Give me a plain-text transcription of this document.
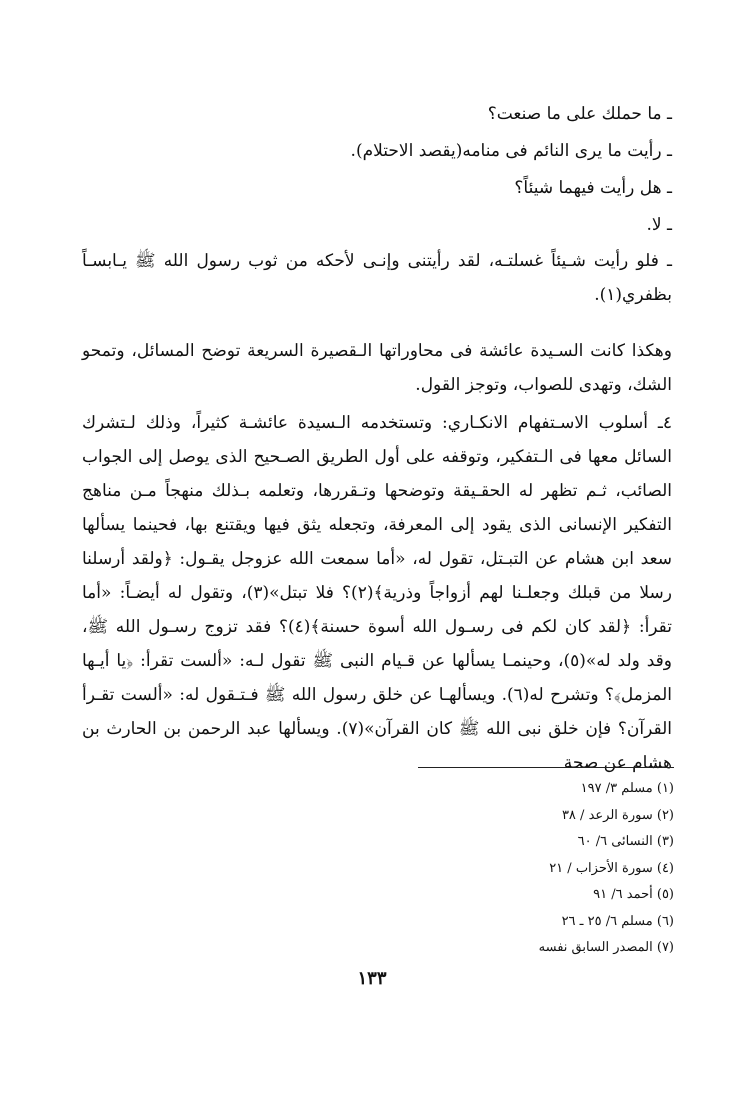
ـ ما حملك على ما صنعت؟

ـ رأيت ما يرى النائم فى منامه(يقصد الاحتلام).

ـ هل رأيت فيهما شيئاً؟

ـ لا.

ـ فلو رأيت شـيئاً غسلتـه، لقد رأيتنى وإنـى لأحكه من ثوب رسول الله ﷺ يـابسـاً بظفري(١).

وهكذا كانت السـيدة عائشة فى محاوراتها الـقصيرة السريعة توضح المسائل، وتمحو الشك، وتهدى للصواب، وتوجز القول.

٤ـ أسلوب الاسـتفهام الانكـاري: وتستخدمه الـسيدة عائشـة كثيراً، وذلك لـتشرك السائل معها فى الـتفكير، وتوقفه على أول الطريق الصـحيح الذى يوصل إلى الجواب الصائب، ثـم تظهر له الحقـيقة وتوضحها وتـقررها، وتعلمه بـذلك منهجاً مـن مناهج التفكير الإنسانى الذى يقود إلى المعرفة، وتجعله يثق فيها ويقتنع بها، فحينما يسألها سعد ابن هشام عن التبـتل، تقول له، «أما سمعت الله عزوجل يقـول: ﴿ولقد أرسلنا رسلا من قبلك وجعلـنا لهم أزواجاً وذرية﴾(٢)؟ فلا تبتل»(٣)، وتقول له أيضـاً: «أما تقرأ: ﴿لقد كان لكم فى رسـول الله أسوة حسنة﴾(٤)؟ فقد تزوج رسـول الله ﷺ، وقد ولد له»(٥)، وحينمـا يسألها عن قـيام النبى ﷺ تقول لـه: «ألست تقرأ: ﴿يا أيـها المزمل﴾؟ وتشرح له(٦). ويسألهـا عن خلق رسول الله ﷺ فـتـقول له: «ألست تقـرأ القرآن؟ فإن خلق نبى الله ﷺ كان القرآن»(٧). ويسألها عبد الرحمن بن الحارث بن هشام عن صحة

(١) مسلم ٣/ ١٩٧
(٢) سورة الرعد / ٣٨
(٣) النسائى ٦/ ٦٠
(٤) سورة الأحزاب / ٢١
(٥) أحمد ٦/ ٩١
(٦) مسلم ٦/ ٢٥ ـ ٢٦
(٧) المصدر السابق نفسه
١٣٣
